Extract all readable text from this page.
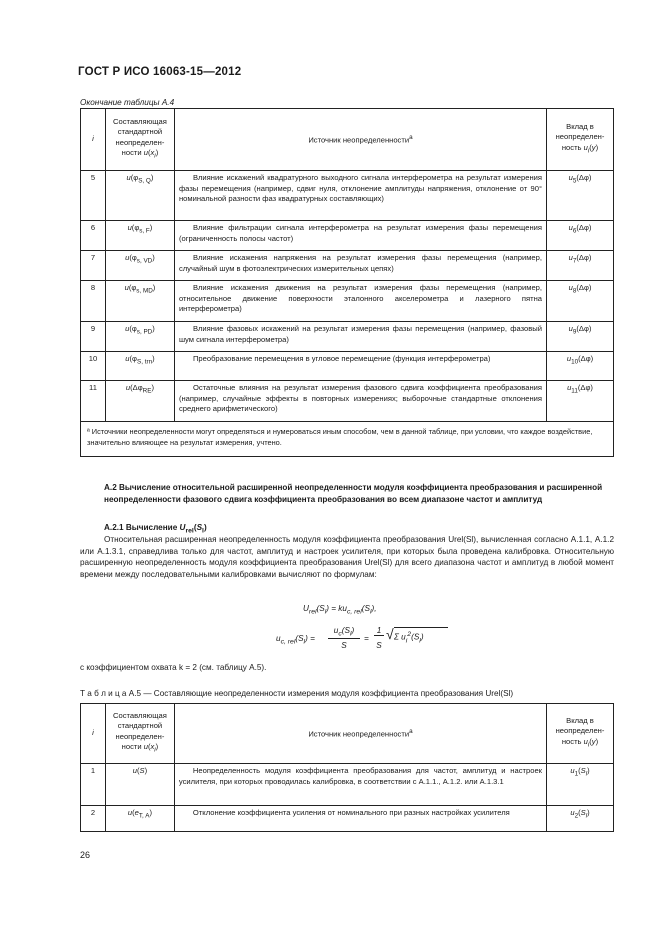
ГОСТ Р ИСО 16063-15—2012
Окончание таблицы А.4
i	Составляющая стандартной неопределен-ности $u(x_i)$	Источник неопределенности$^a$	Вклад в неопределен-ность $u_i(y)$
5	$u(\varphi_{S, Q})$	Влияние искажений квадратурного выходного сигнала интерферометра на результат измерения фазы перемещения (например, сдвиг нуля, отклонение амплитуды напряжения, отклонение от 90° номинальной разности фаз квадратурных составляющих)	$u_5(\Delta\varphi)$
6	$u(\varphi_{s, F})$	Влияние фильтрации сигнала интерферометра на результат измерения фазы перемещения (ограниченность полосы частот)	$u_6(\Delta\varphi)$
7	$u(\varphi_{s, VD})$	Влияние искажения напряжения на результат измерения фазы перемещения (например, случайный шум в фотоэлектрических измерительных цепях)	$u_7(\Delta\varphi)$
8	$u(\varphi_{s, MD})$	Влияние искажения движения на результат измерения фазы перемещения (например, относительное движение поверхности эталонного акселерометра и лазерного пятна интерферометра)	$u_8(\Delta\varphi)$
9	$u(\varphi_{s, PD})$	Влияние фазовых искажений на результат измерения фазы перемещения (например, фазовый шум сигнала интерферометра)	$u_9(\Delta\varphi)$
10	$u(\varphi_{S, trn})$	Преобразование перемещения в угловое перемещение (функция интерферометра)	$u_{10}(\Delta\varphi)$
11	$u(\Delta\varphi_{RE})$	Остаточные влияния на результат измерения фазового сдвига коэффициента преобразования (например, случайные эффекты в повторных измерениях; выборочные стандартные отклонения среднего арифметического)	$u_{11}(\Delta\varphi)$
ª Источники неопределенности могут определяться и нумероваться иным способом, чем в данной таблице, при условии, что каждое воздействие, значительно влияющее на результат измерения, учтено.			
А.2 Вычисление относительной расширенной неопределенности модуля коэффициента преобразования и расширенной неопределенности фазового сдвига коэффициента преобразования во всем диапазоне частот и амплитуд
А.2.1 Вычисление $U_{rel}(S_l)$
Относительная расширенная неопределенность модуля коэффициента преобразования Urel(Sl), вычисленная согласно А.1.1, А.1.2 или А.1.3.1, справедлива только для частот, амплитуд и настроек усилителя, при которых была проведена калибровка. Относительную расширенную неопределенность модуля коэффициента преобразования Urel(Sl) для всего диапазона частот и амплитуд в любой момент времени между последовательными калибровками вычисляют по формулам:
$U_{rel}(S_l) = ku_{c, rel}(S_l)$,
$u_{c, rel}(S_l)$ =
$u_c(S_l)$
S
=
1
S
√ Σ $u_i^2(S_l)$
с коэффициентом охвата k = 2 (см. таблицу А.5).
Т а б л и ц а А.5 — Составляющие неопределенности измерения модуля коэффициента преобразования Urel(Sl)
i	Составляющая стандартной неопределен-ности $u(x_i)$	Источник неопределенности$^a$	Вклад в неопределен-ность $u_i(y)$
1	u(S)	Неопределенность модуля коэффициента преобразования для частот, амплитуд и настроек усилителя, при которых проводилась калибровка, в соответствии с А.1.1., А.1.2. или А.1.3.1	$u_1(S_l)$
2	$u(e_{T, A})$	Отклонение коэффициента усиления от номинального при разных настройках усилителя	$u_2(S_l)$
26
